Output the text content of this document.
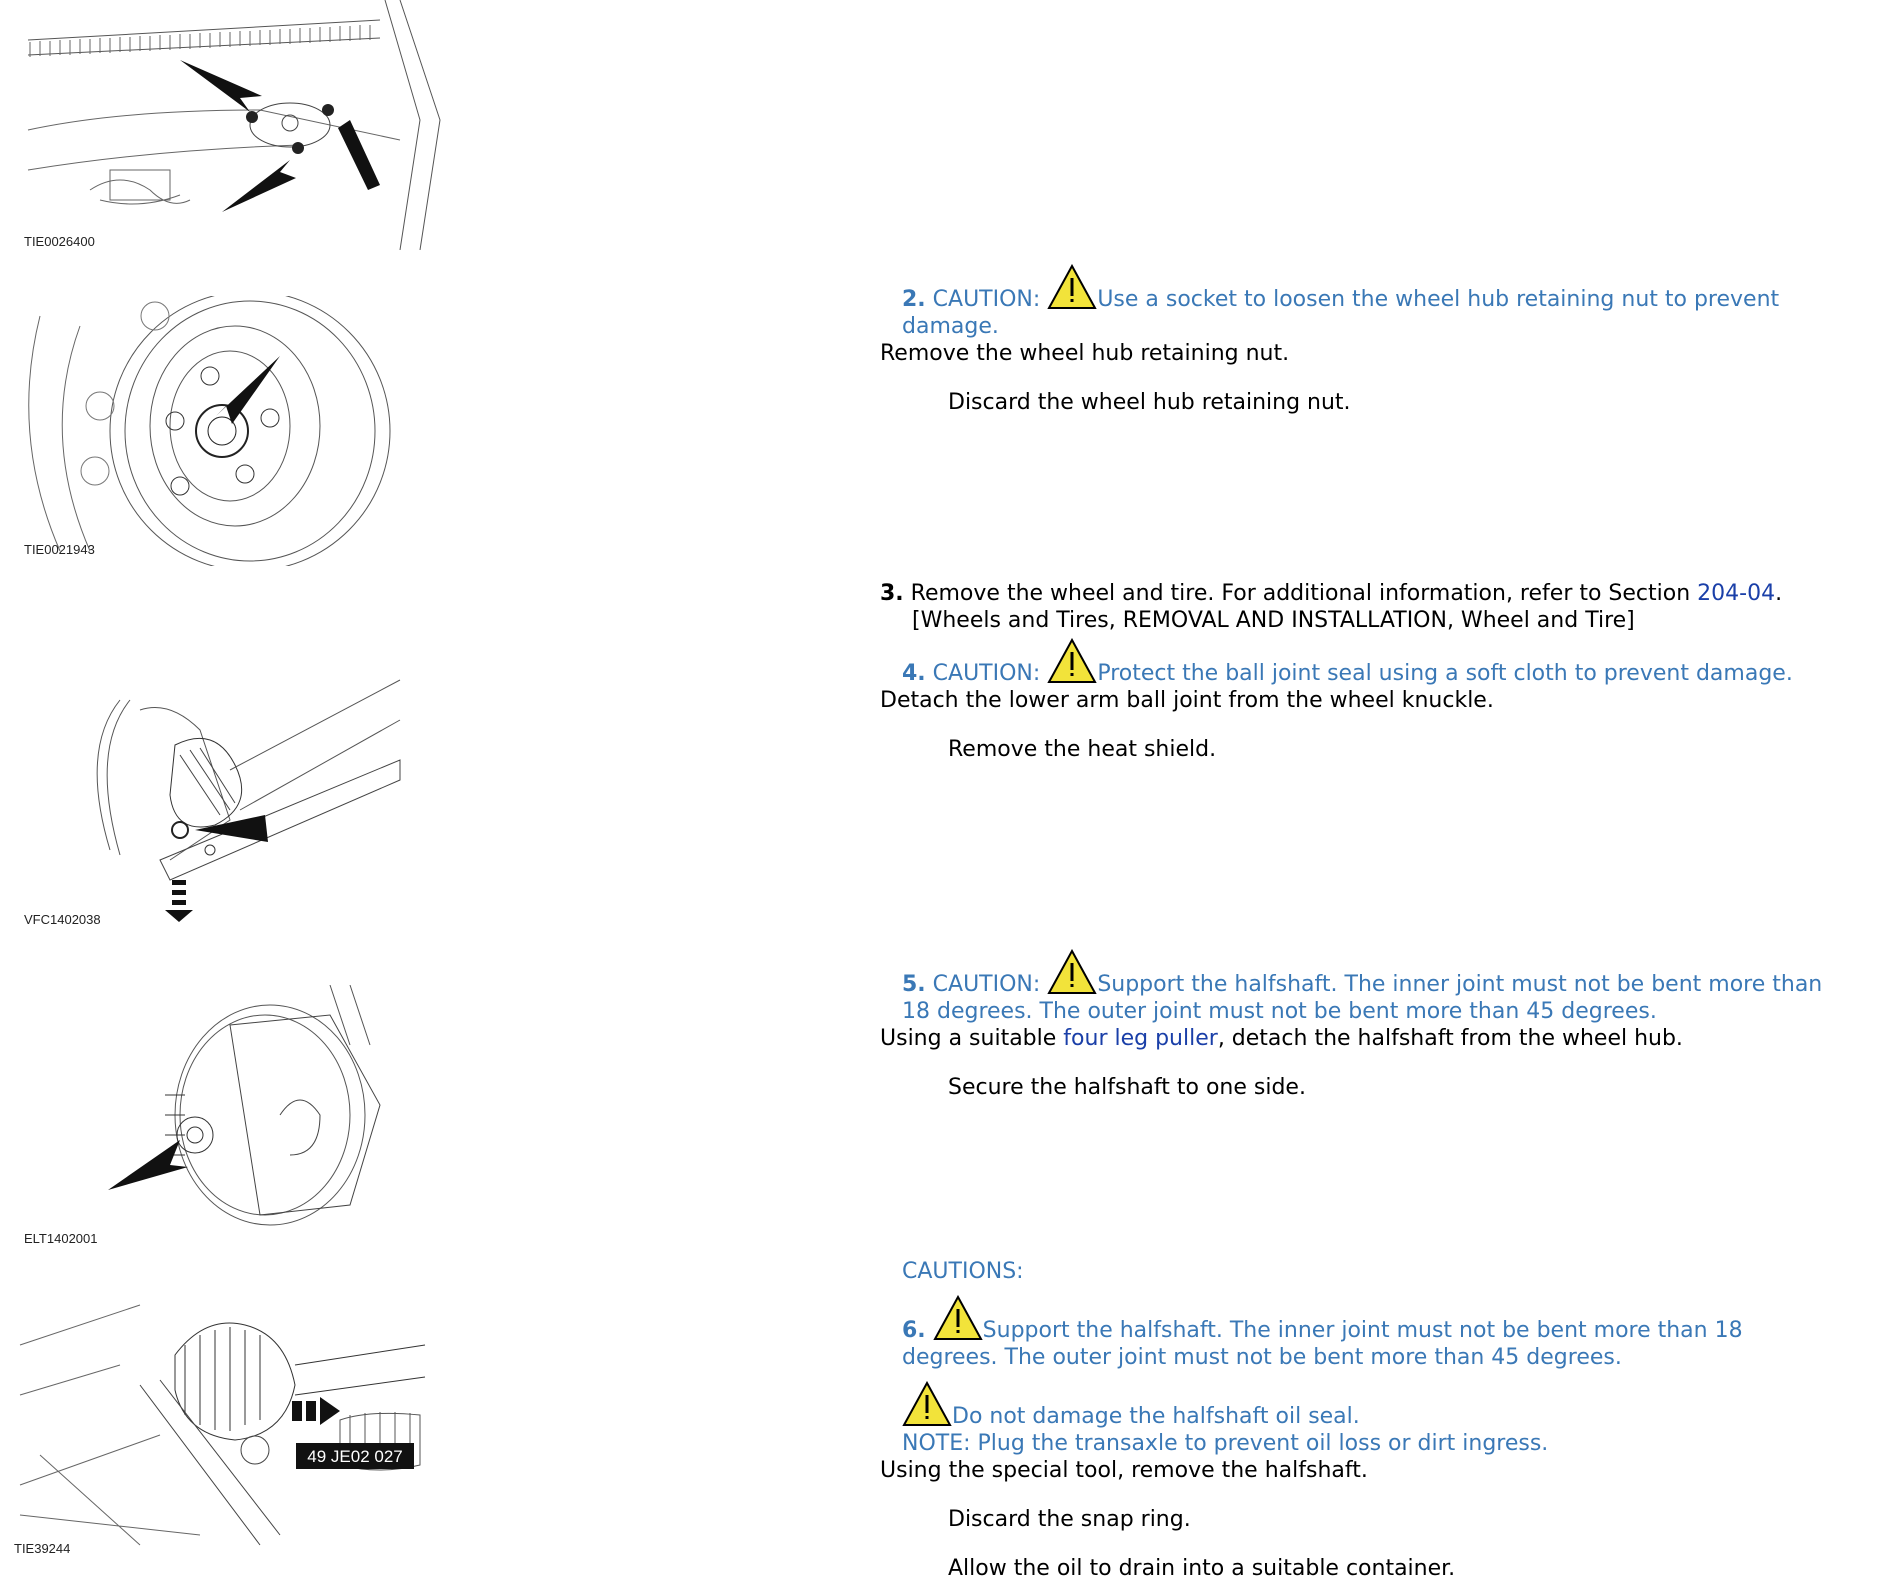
TIE0026400
TIE0021943
VFC1402038
ELT1402001
49 JE02 027
TIE39244
2. CAUTION:	Use a socket to loosen the wheel hub retaining nut to prevent damage.
Remove the wheel hub retaining nut.
Discard the wheel hub retaining nut.
3. Remove the wheel and tire. For additional information, refer to Section 204-04.
[Wheels and Tires, REMOVAL AND INSTALLATION, Wheel and Tire]
4. CAUTION:	Protect the ball joint seal using a soft cloth to prevent damage.
Detach the lower arm ball joint from the wheel knuckle.
Remove the heat shield.
5. CAUTION:	Support the halfshaft. The inner joint must not be bent more than 18 degrees. The outer joint must not be bent more than 45 degrees.
Using a suitable four leg puller, detach the halfshaft from the wheel hub.
Secure the halfshaft to one side.
CAUTIONS:
6.	Support the halfshaft. The inner joint must not be bent more than 18 degrees. The outer joint must not be bent more than 45 degrees.
Do not damage the halfshaft oil seal.
NOTE: Plug the transaxle to prevent oil loss or dirt ingress.
Using the special tool, remove the halfshaft.
Discard the snap ring.
Allow the oil to drain into a suitable container.
